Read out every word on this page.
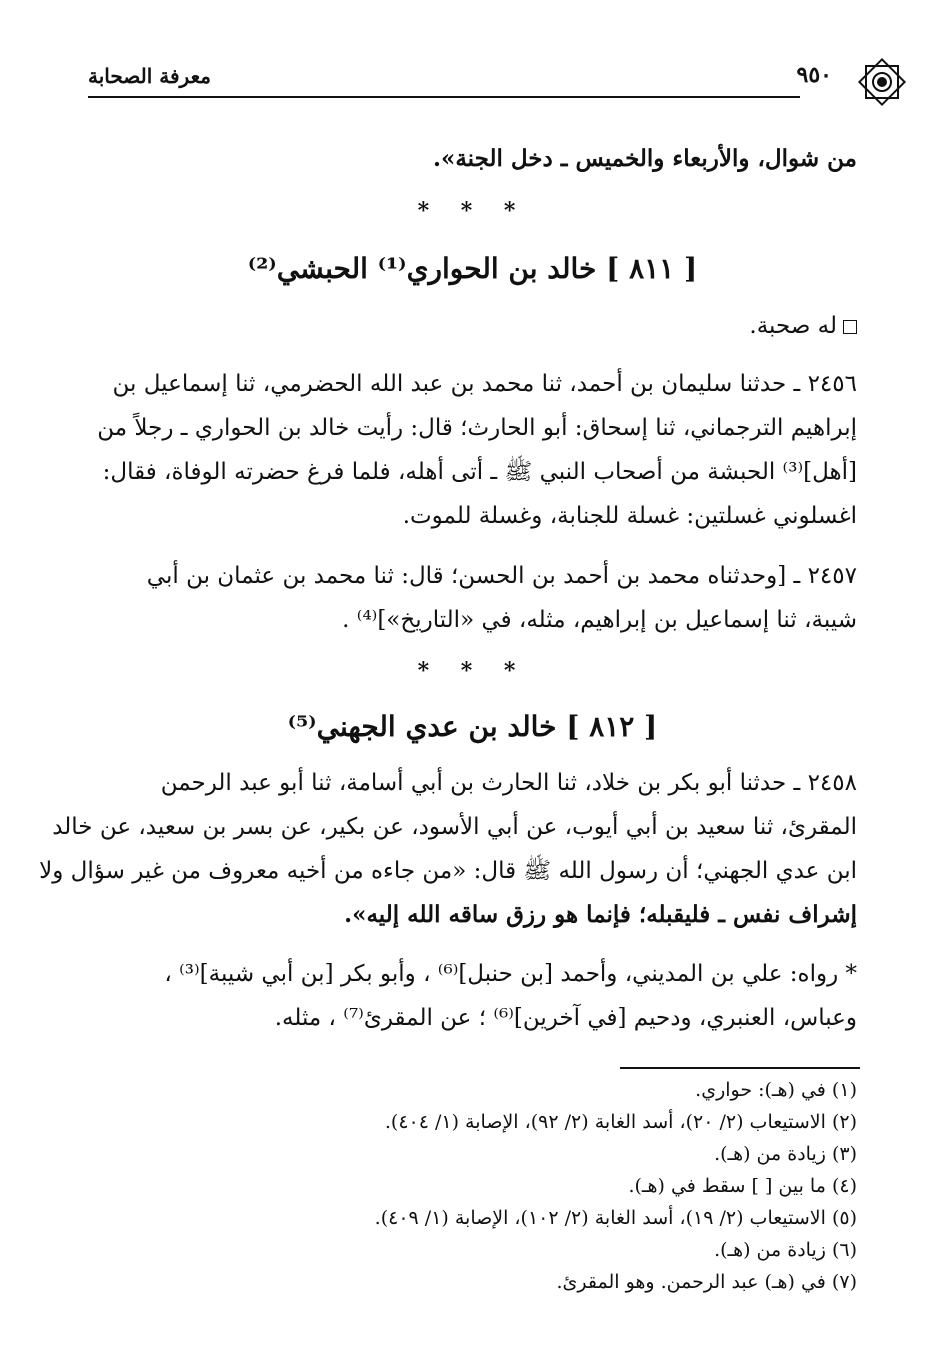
٩٥٠
معرفة الصحابة
من شوال، والأربعاء والخميس ـ دخل الجنة».
* * *
[ ٨١١ ] خالد بن الحواري⁽¹⁾ الحبشي⁽²⁾
له صحبة.
٢٤٥٦ ـ حدثنا سليمان بن أحمد، ثنا محمد بن عبد الله الحضرمي، ثنا إسماعيل بن
إبراهيم الترجماني، ثنا إسحاق: أبو الحارث؛ قال: رأيت خالد بن الحواري ـ رجلاً من
[أهل]⁽³⁾ الحبشة من أصحاب النبي ﷺ ـ أتى أهله، فلما فرغ حضرته الوفاة، فقال:
اغسلوني غسلتين: غسلة للجنابة، وغسلة للموت.
٢٤٥٧ ـ [وحدثناه محمد بن أحمد بن الحسن؛ قال: ثنا محمد بن عثمان بن أبي
شيبة، ثنا إسماعيل بن إبراهيم، مثله، في «التاريخ»]⁽⁴⁾ .
* * *
[ ٨١٢ ] خالد بن عدي الجهني⁽⁵⁾
٢٤٥٨ ـ حدثنا أبو بكر بن خلاد، ثنا الحارث بن أبي أسامة، ثنا أبو عبد الرحمن
المقرئ، ثنا سعيد بن أبي أيوب، عن أبي الأسود، عن بكير، عن بسر بن سعيد، عن خالد
ابن عدي الجهني؛ أن رسول الله ﷺ قال: «من جاءه من أخيه معروف من غير سؤال ولا
إشراف نفس ـ فليقبله؛ فإنما هو رزق ساقه الله إليه».
* رواه: علي بن المديني، وأحمد [بن حنبل]⁽⁶⁾ ، وأبو بكر [بن أبي شيبة]⁽³⁾ ،
وعباس، العنبري، ودحيم [في آخرين]⁽⁶⁾ ؛ عن المقرئ⁽⁷⁾ ، مثله.
(١) في (هـ): حواري.
(٢) الاستيعاب (٢/ ٢٠)، أسد الغابة (٢/ ٩٢)، الإصابة (١/ ٤٠٤).
(٣) زيادة من (هـ).
(٤) ما بين [ ] سقط في (هـ).
(٥) الاستيعاب (٢/ ١٩)، أسد الغابة (٢/ ١٠٢)، الإصابة (١/ ٤٠٩).
(٦) زيادة من (هـ).
(٧) في (هـ) عبد الرحمن. وهو المقرئ.
